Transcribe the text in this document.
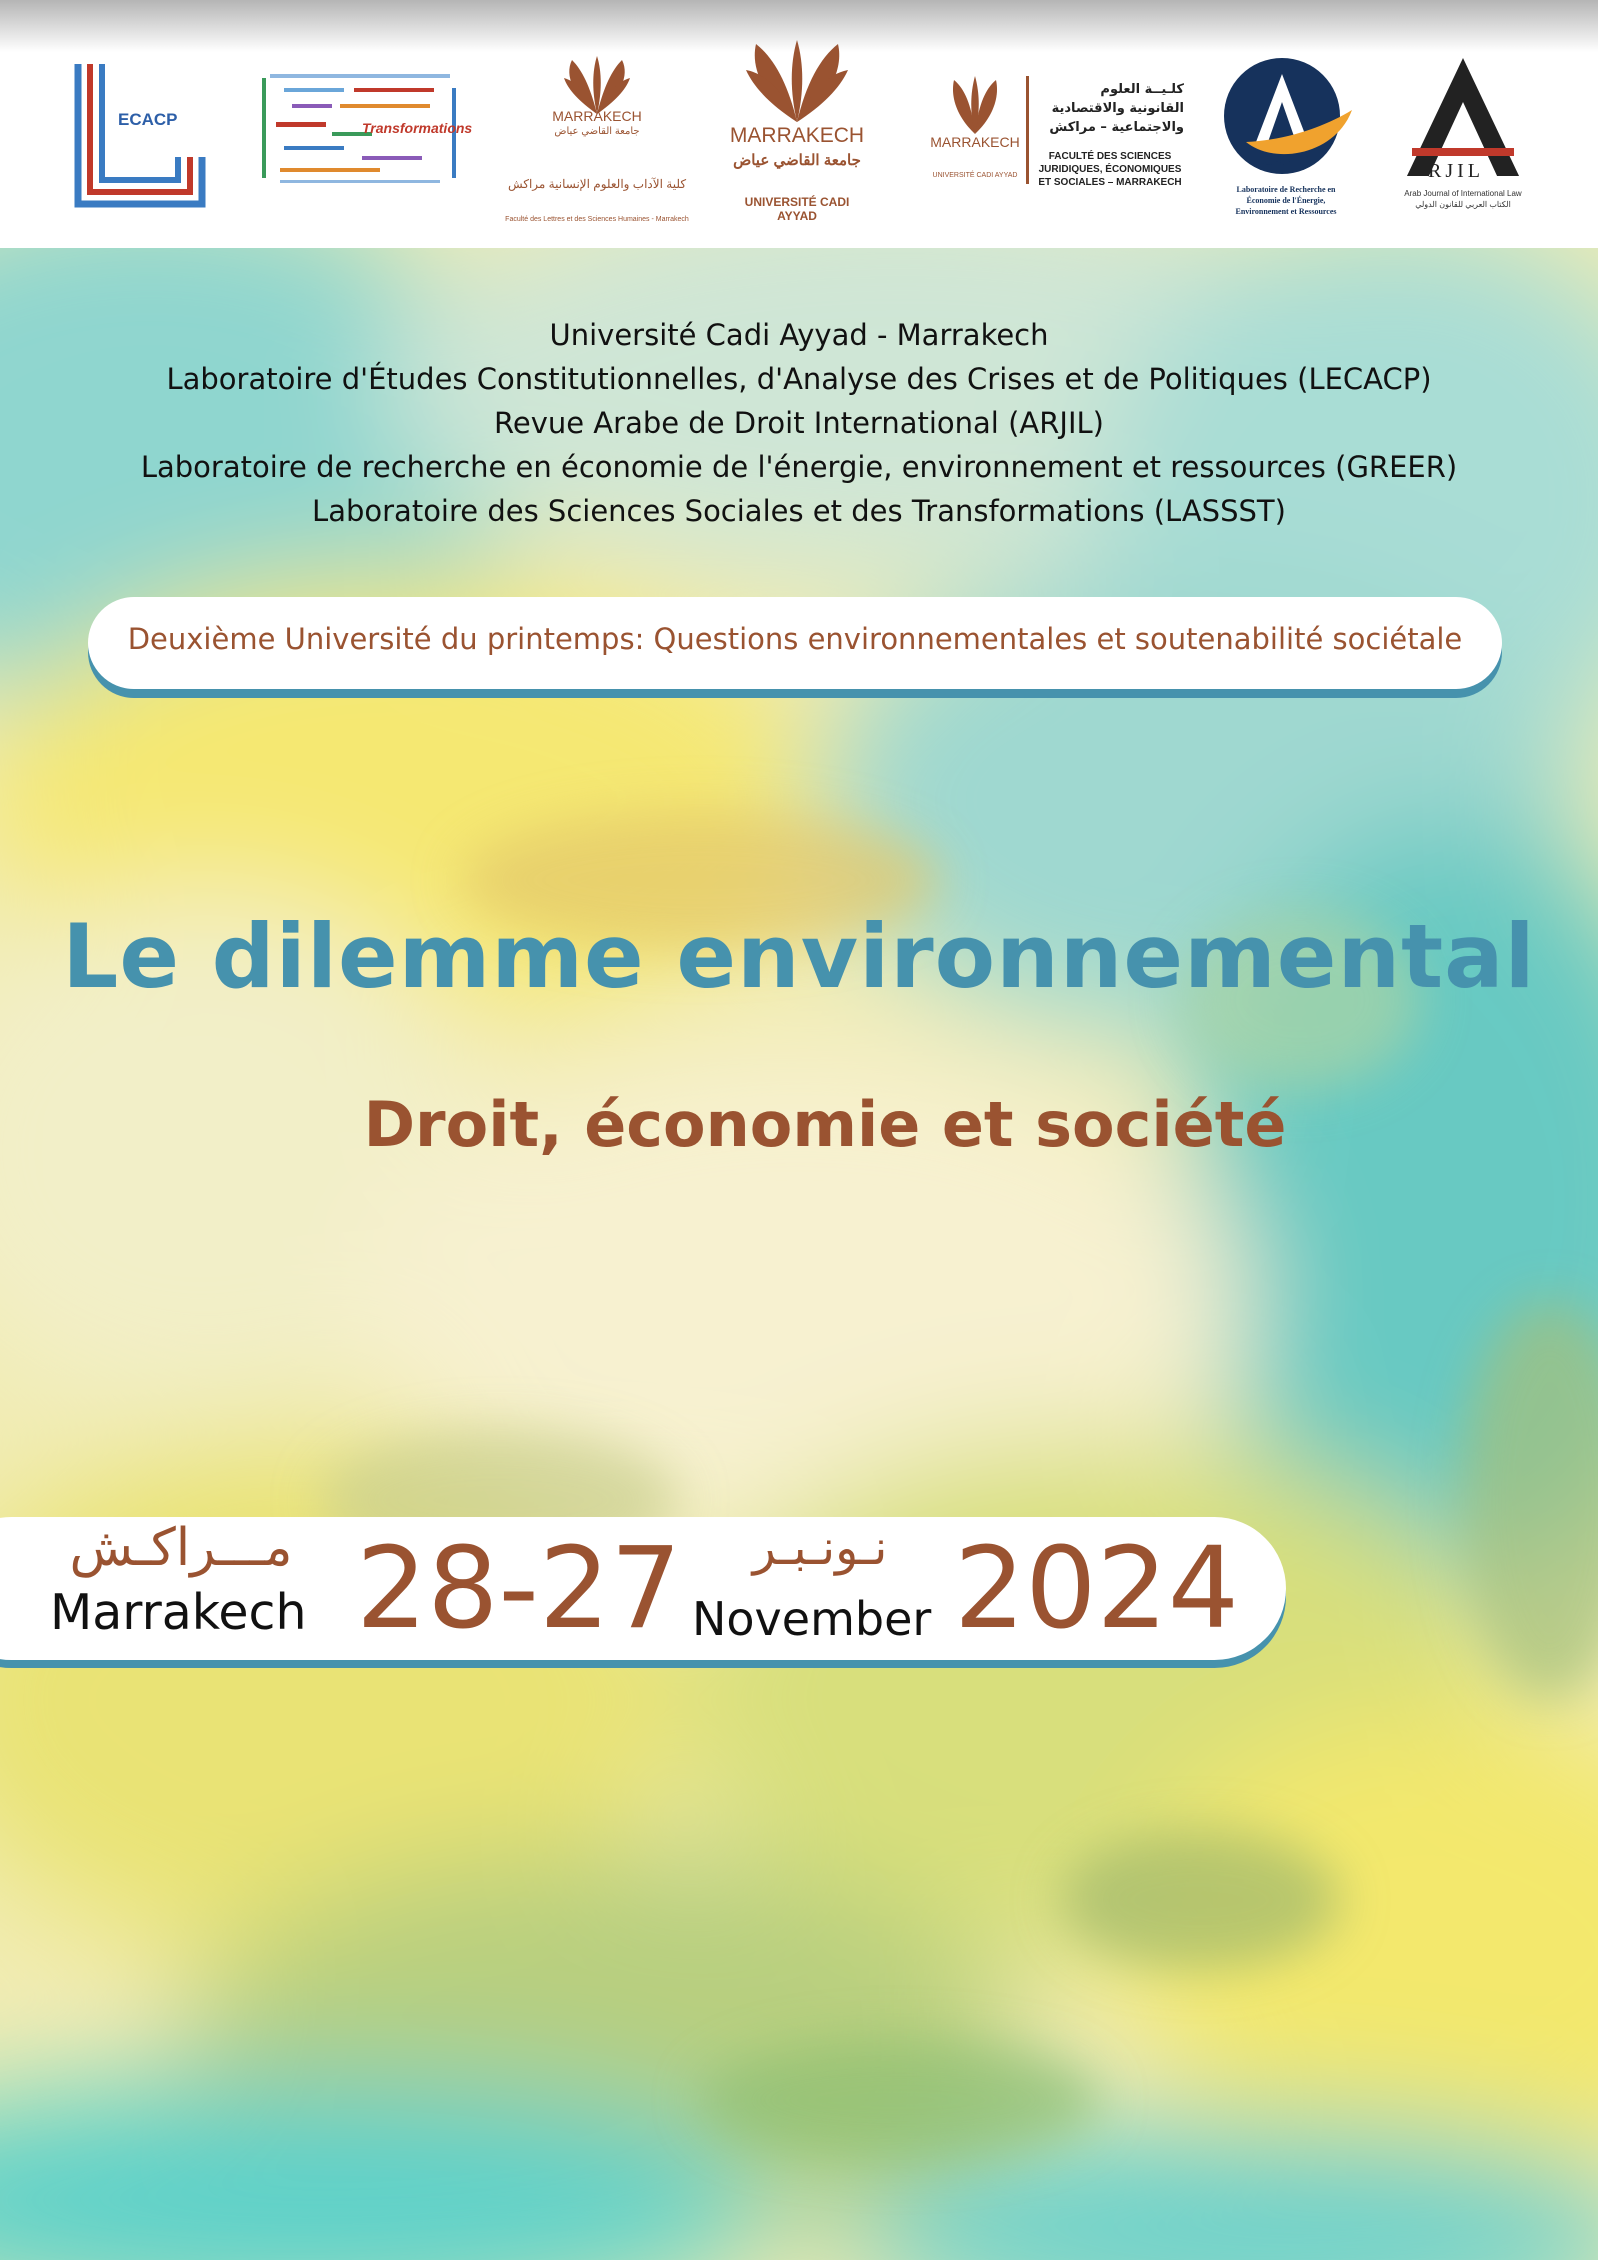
ECACP	Transformations
MARRAKECH
جامعة القاضي عياض
كلية الآداب والعلوم الإنسانية مراكش
Faculté des Lettres et des Sciences Humaines - Marrakech
MARRAKECH
جامعة القاضي عياض
UNIVERSITÉ CADI AYYAD
MARRAKECH
UNIVERSITÉ CADI AYYAD
كلـيــة العلوم
القانونية والاقتصادية
والاجتماعية – مراكش
FACULTÉ DES SCIENCES
JURIDIQUES, ÉCONOMIQUES
ET SOCIALES – MARRAKECH
GREER
Laboratoire de Recherche en
Économie de l'Énergie,
Environnement et Ressources
RJIL
Arab Journal of International Law
الكتاب العربي للقانون الدولي
Université Cadi Ayyad - Marrakech
Laboratoire d'Études Constitutionnelles, d'Analyse des Crises et de Politiques (LECACP)
Revue Arabe de Droit International (ARJIL)
Laboratoire de recherche en économie de l'énergie, environnement et ressources (GREER)
Laboratoire des Sciences Sociales et des Transformations (LASSST)
Deuxième Université du printemps: Questions environnementales et soutenabilité sociétale
Le dilemme environnemental
Droit, économie et société
مـــراكـش
Marrakech 28-27	نـونـبـر
November 2024
